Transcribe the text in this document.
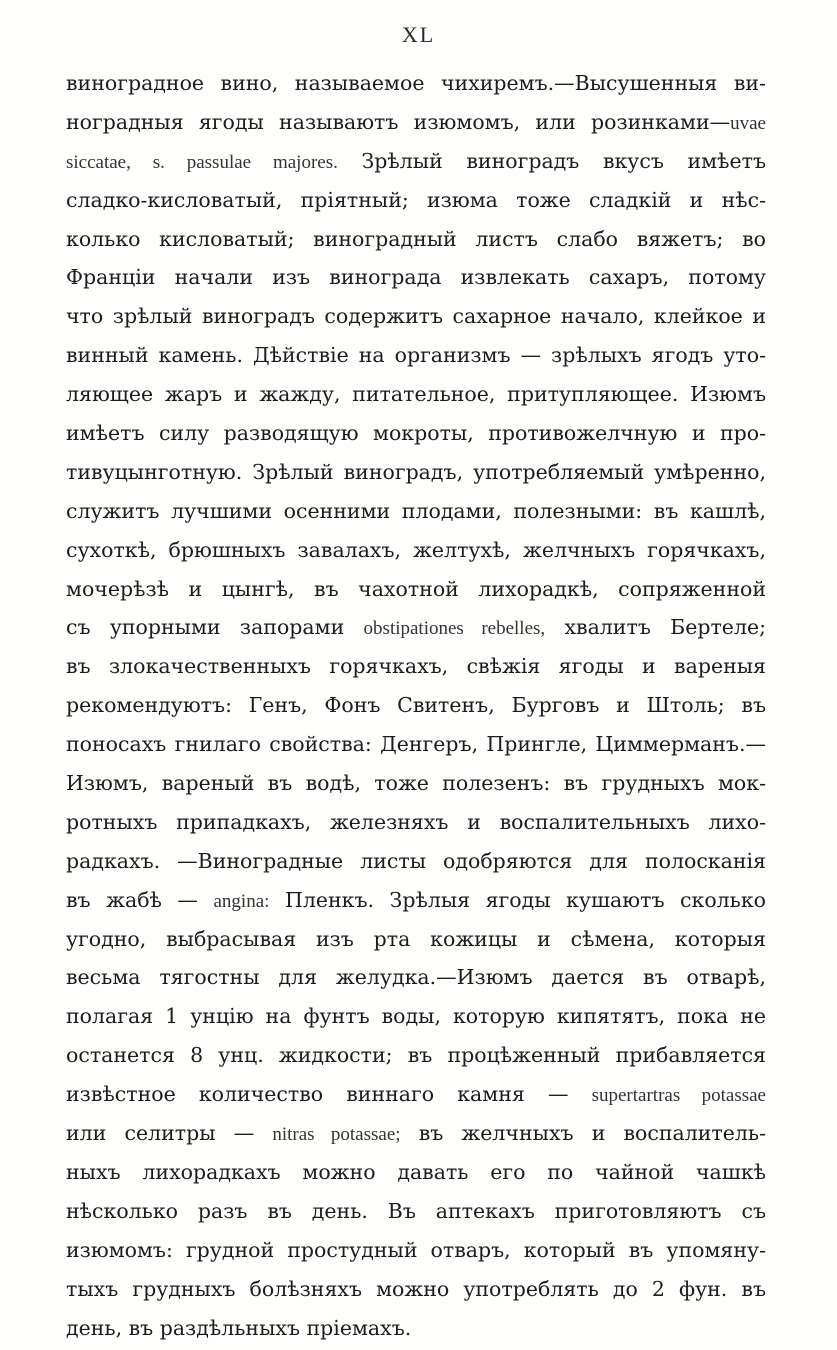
XL
виноградное вино, называемое чихиремъ.—Высушенныя ви-
ноградныя ягоды называютъ изюмомъ, или розинками—uvae
siccatae, s. passulae majores. Зрѣлый виноградъ вкусъ имѣетъ
сладко-кисловатый, пріятный; изюма тоже сладкій и нѣс-
колько кисловатый; виноградный листъ слабо вяжетъ; во
Франціи начали изъ винограда извлекать сахаръ, потому
что зрѣлый виноградъ содержитъ сахарное начало, клейкое и
винный камень. Дѣйствіе на организмъ — зрѣлыхъ ягодъ уто-
ляющее жаръ и жажду, питательное, притупляющее. Изюмъ
имѣетъ силу разводящую мокроты, противожелчную и про-
тивуцынготную. Зрѣлый виноградъ, употребляемый умѣренно,
служитъ лучшими осенними плодами, полезными: въ кашлѣ,
сухоткѣ, брюшныхъ завалахъ, желтухѣ, желчныхъ горячкахъ,
мочерѣзѣ и цынгѣ, въ чахотной лихорадкѣ, сопряженной
съ упорными запорами obstipationes rebelles, хвалитъ Бертеле;
въ злокачественныхъ горячкахъ, свѣжія ягоды и вареныя
рекомендуютъ: Генъ, Фонъ Свитенъ, Бурговъ и Штоль; въ
поносахъ гнилаго свойства: Денгеръ, Прингле, Циммерманъ.—
Изюмъ, вареный въ водѣ, тоже полезенъ: въ грудныхъ мок-
ротныхъ припадкахъ, железняхъ и воспалительныхъ лихо-
радкахъ. —Виноградные листы одобряются для полосканія
въ жабѣ — angina: Пленкъ. Зрѣлыя ягоды кушаютъ сколько
угодно, выбрасывая изъ рта кожицы и сѣмена, которыя
весьма тягостны для желудка.—Изюмъ дается въ отварѣ,
полагая 1 унцію на фунтъ воды, которую кипятятъ, пока не
останется 8 унц. жидкости; въ процѣженный прибавляется
извѣстное количество виннаго камня — supertartras potassae
или селитры — nitras potassae; въ желчныхъ и воспалитель-
ныхъ лихорадкахъ можно давать его по чайной чашкѣ
нѣсколько разъ въ день. Въ аптекахъ приготовляютъ съ
изюмомъ: грудной простудный отваръ, который въ упомяну-
тыхъ грудныхъ болѣзняхъ можно употреблять до 2 фун. въ
день, въ раздѣльныхъ пріемахъ.
